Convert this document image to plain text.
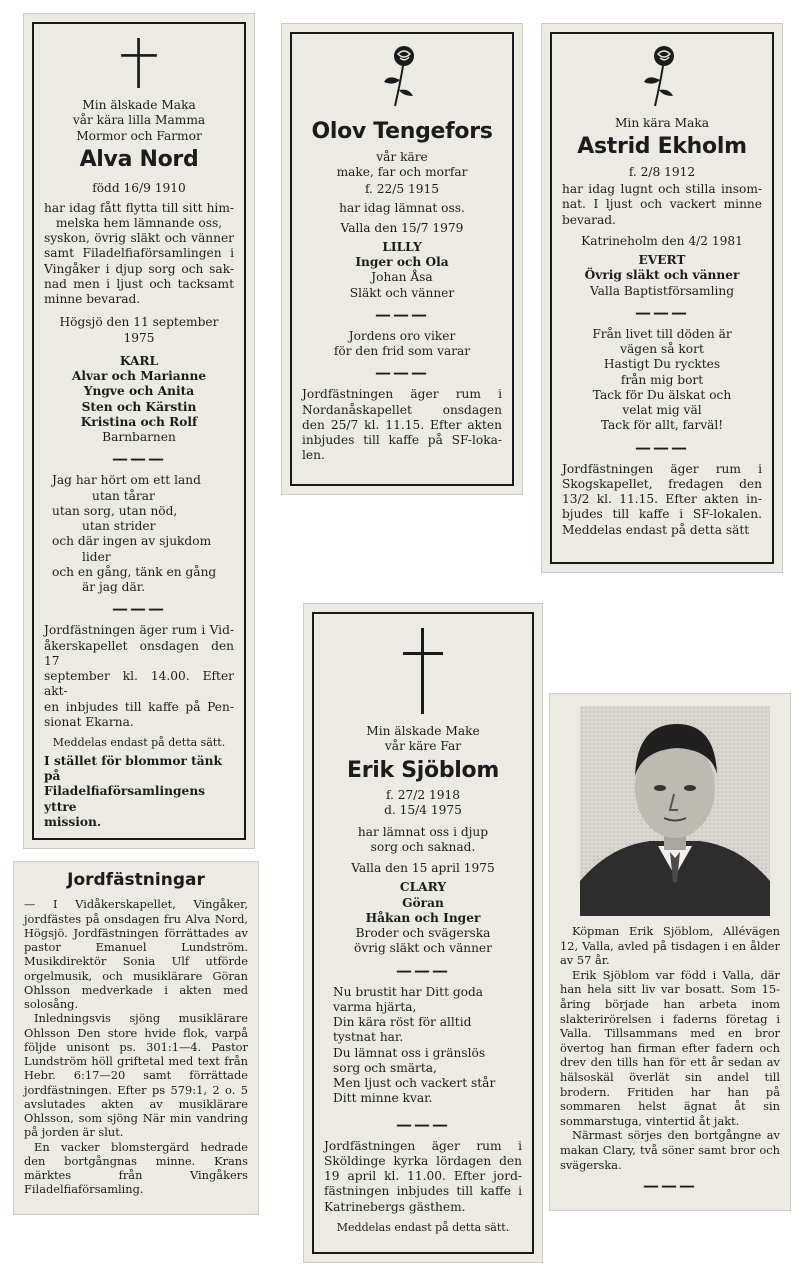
Min älskade Maka
vår kära lilla Mamma
Mormor och Farmor
Alva Nord
född 16/9 1910
har idag fått flytta till sitt him-
melska hem lämnande oss,
syskon, övrig släkt och vänner
samt Filadelfiaförsamlingen i
Vingåker i djup sorg och sak-
nad men i ljust och tacksamt
minne bevarad.
Högsjö den 11 september 1975
KARL
Alvar och Marianne
Yngve och Anita
Sten och Kärstin
Kristina och Rolf
Barnbarnen
———
Jag har hört om ett land
utan tårar
utan sorg, utan nöd,
utan strider
och där ingen av sjukdom
lider
och en gång, tänk en gång
är jag där.
———
Jordfästningen äger rum i Vid-
åkerskapellet onsdagen den 17
september kl. 14.00. Efter akt-
en inbjudes till kaffe på Pen-
sionat Ekarna.
Meddelas endast på detta sätt.
I stället för blommor tänk på
Filadelfiaförsamlingens yttre
mission.
Olov Tengefors
vår käre
make, far och morfar
f. 22/5 1915
har idag lämnat oss.
Valla den 15/7 1979
LILLY
Inger och Ola
Johan Åsa
Släkt och vänner
———
Jordens oro viker
för den frid som varar
———
Jordfästningen äger rum i
Nordanåskapellet onsdagen
den 25/7 kl. 11.15. Efter akten
inbjudes till kaffe på SF-loka-
len.
Min kära Maka
Astrid Ekholm
f. 2/8 1912
har idag lugnt och stilla insom-
nat. I ljust och vackert minne
bevarad.
Katrineholm den 4/2 1981
EVERT
Övrig släkt och vänner
Valla Baptistförsamling
———
Från livet till döden är
vägen så kort
Hastigt Du rycktes
från mig bort
Tack för Du älskat och
velat mig väl
Tack för allt, farväl!
———
Jordfästningen äger rum i
Skogskapellet, fredagen den
13/2 kl. 11.15. Efter akten in-
bjudes till kaffe i SF-lokalen.
Meddelas endast på detta sätt
Jordfästningar

— I Vidåkerskapellet, Vingåker, jordfästes på onsdagen fru Alva Nord, Högsjö. Jordfästningen förrättades av pastor Emanuel Lundström. Musikdirektör Sonia Ulf utförde orgelmusik, och musiklärare Göran Ohlsson medverkade i akten med solosång.

Inledningsvis sjöng musiklärare Ohlsson Den store hvide flok, varpå följde unisont ps. 301:1—4. Pastor Lundström höll griftetal med text från Hebr. 6:17—20 samt förrättade jordfästningen. Efter ps 579:1, 2 o. 5 avslutades akten av musiklärare Ohlsson, som sjöng När min vandring på jorden är slut.

En vacker blomstergärd hedrade den bortgångnas minne. Krans märktes från Vingåkers Filadelfiaförsamling.

Min älskade Make
vår käre Far
Erik Sjöblom
f. 27/2 1918
d. 15/4 1975
har lämnat oss i djup
sorg och saknad.
Valla den 15 april 1975
CLARY
Göran
Håkan och Inger
Broder och svägerska
övrig släkt och vänner
———
Nu brustit har Ditt goda
varma hjärta,
Din kära röst för alltid
tystnat har.
Du lämnat oss i gränslös
sorg och smärta,
Men ljust och vackert står
Ditt minne kvar.
———
Jordfästningen äger rum i
Sköldinge kyrka lördagen den
19 april kl. 11.00. Efter jord-
fästningen inbjudes till kaffe i
Katrinebergs gästhem.
Meddelas endast på detta sätt.

Köpman Erik Sjöblom, Allévägen 12, Valla, avled på tisdagen i en ålder av 57 år.

Erik Sjöblom var född i Valla, där han hela sitt liv var bosatt. Som 15-åring började han arbeta inom slakterirörelsen i faderns företag i Valla. Tillsammans med en bror övertog han firman efter fadern och drev den tills han för ett år sedan av hälsoskäl överlät sin andel till brodern. Fritiden har han på sommaren helst ägnat åt sin sommarstuga, vintertid åt jakt.

Närmast sörjes den bortgångne av makan Clary, två söner samt bror och svägerska.

———
